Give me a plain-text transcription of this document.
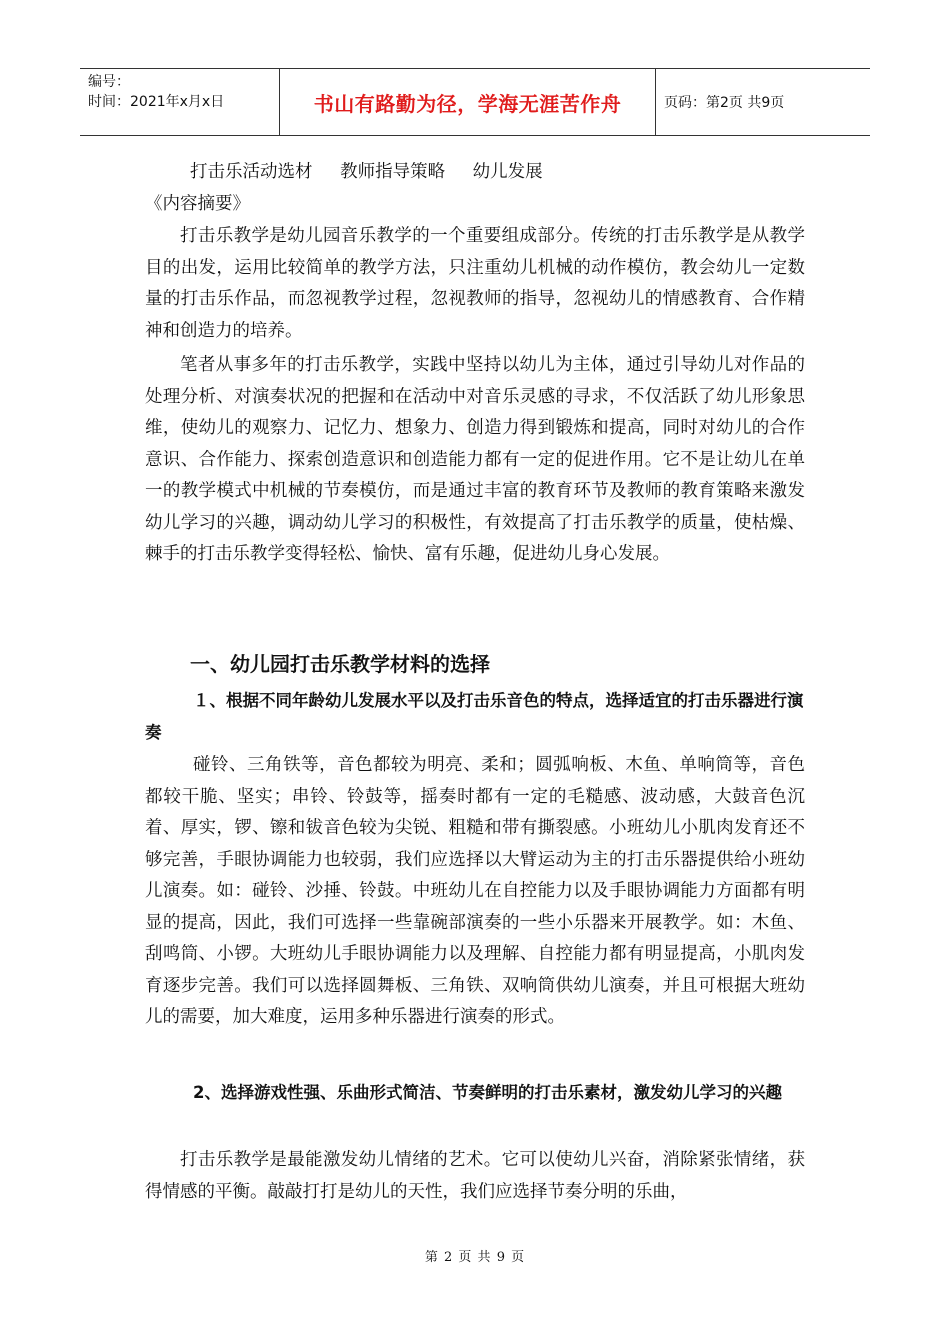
编号：
时间：2021年x月x日	书山有路勤为径，学海无涯苦作舟	页码：第2页 共9页
打击乐活动选材 教师指导策略 幼儿发展
《内容摘要》
打击乐教学是幼儿园音乐教学的一个重要组成部分。传统的打击乐教学是从教学目的出发，运用比较简单的教学方法，只注重幼儿机械的动作模仿，教会幼儿一定数量的打击乐作品，而忽视教学过程，忽视教师的指导，忽视幼儿的情感教育、合作精神和创造力的培养。
笔者从事多年的打击乐教学，实践中坚持以幼儿为主体，通过引导幼儿对作品的处理分析、对演奏状况的把握和在活动中对音乐灵感的寻求，不仅活跃了幼儿形象思维，使幼儿的观察力、记忆力、想象力、创造力得到锻炼和提高，同时对幼儿的合作意识、合作能力、探索创造意识和创造能力都有一定的促进作用。它不是让幼儿在单一的教学模式中机械的节奏模仿，而是通过丰富的教育环节及教师的教育策略来激发幼儿学习的兴趣，调动幼儿学习的积极性，有效提高了打击乐教学的质量，使枯燥、棘手的打击乐教学变得轻松、愉快、富有乐趣，促进幼儿身心发展。
一、幼儿园打击乐教学材料的选择
１、根据不同年龄幼儿发展水平以及打击乐音色的特点，选择适宜的打击乐器进行演奏
碰铃、三角铁等，音色都较为明亮、柔和；圆弧响板、木鱼、单响筒等，音色都较干脆、坚实；串铃、铃鼓等，摇奏时都有一定的毛糙感、波动感，大鼓音色沉着、厚实，锣、镲和钹音色较为尖锐、粗糙和带有撕裂感。小班幼儿小肌肉发育还不够完善，手眼协调能力也较弱，我们应选择以大臂运动为主的打击乐器提供给小班幼儿演奏。如：碰铃、沙捶、铃鼓。中班幼儿在自控能力以及手眼协调能力方面都有明显的提高，因此，我们可选择一些靠碗部演奏的一些小乐器来开展教学。如：木鱼、刮鸣筒、小锣。大班幼儿手眼协调能力以及理解、自控能力都有明显提高，小肌肉发育逐步完善。我们可以选择圆舞板、三角铁、双响筒供幼儿演奏，并且可根据大班幼儿的需要，加大难度，运用多种乐器进行演奏的形式。
2、选择游戏性强、乐曲形式简洁、节奏鲜明的打击乐素材，激发幼儿学习的兴趣
打击乐教学是最能激发幼儿情绪的艺术。它可以使幼儿兴奋，消除紧张情绪，获得情感的平衡。敲敲打打是幼儿的天性，我们应选择节奏分明的乐曲，
第 2 页 共 9 页
